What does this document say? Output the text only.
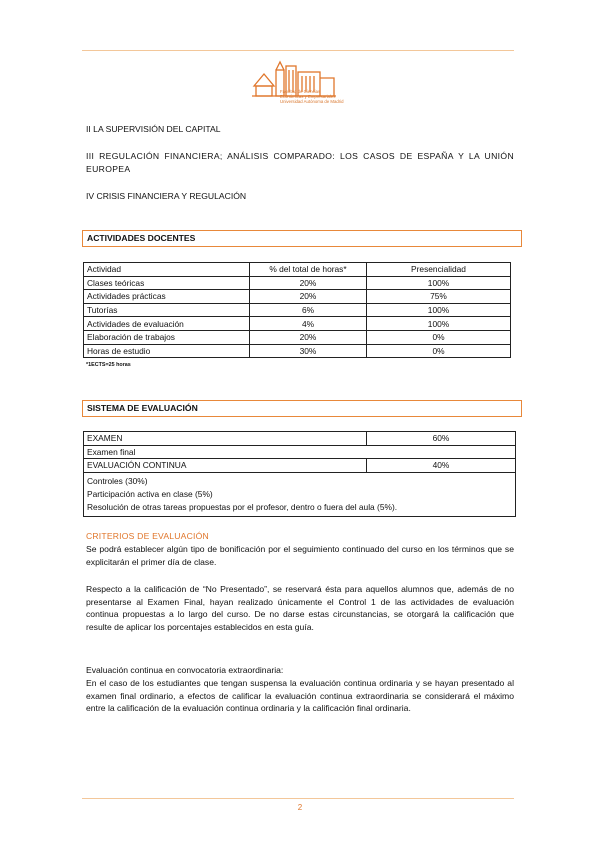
Facultad de Ciencias
Económicas y Empresariales
Universidad Autónoma de Madrid
II LA SUPERVISIÓN DEL CAPITAL
III REGULACIÓN FINANCIERA; ANÁLISIS COMPARADO: LOS CASOS DE ESPAÑA Y LA UNIÓN EUROPEA
IV CRISIS FINANCIERA Y REGULACIÓN
ACTIVIDADES DOCENTES
Actividad	% del total de horas*	Presencialidad
Clases teóricas	20%	100%
Actividades prácticas	20%	75%
Tutorías	6%	100%
Actividades de evaluación	4%	100%
Elaboración de trabajos	20%	0%
Horas de estudio	30%	0%
*1ECTS=25 horas
SISTEMA DE EVALUACIÓN
EXAMEN	60%
Examen final	
EVALUACIÓN CONTINUA	40%

Controles (30%)
Participación activa en clase (5%)
Resolución de otras tareas propuestas por el profesor, dentro o fuera del aula (5%).	
CRITERIOS DE EVALUACIÓN
Se podrá establecer algún tipo de bonificación por el seguimiento continuado del curso en los términos que se explicitarán el primer día de clase.
Respecto a la calificación de “No Presentado”, se reservará ésta para aquellos alumnos que, además de no presentarse al Examen Final, hayan realizado únicamente el Control 1 de las actividades de evaluación continua propuestas a lo largo del curso. De no darse estas circunstancias, se otorgará la calificación que resulte de aplicar los porcentajes establecidos en esta guía.
Evaluación continua en convocatoria extraordinaria:
En el caso de los estudiantes que tengan suspensa la evaluación continua ordinaria y se hayan presentado al examen final ordinario, a efectos de calificar la evaluación continua extraordinaria se considerará el máximo entre la calificación de la evaluación continua ordinaria y la calificación final ordinaria.
2
